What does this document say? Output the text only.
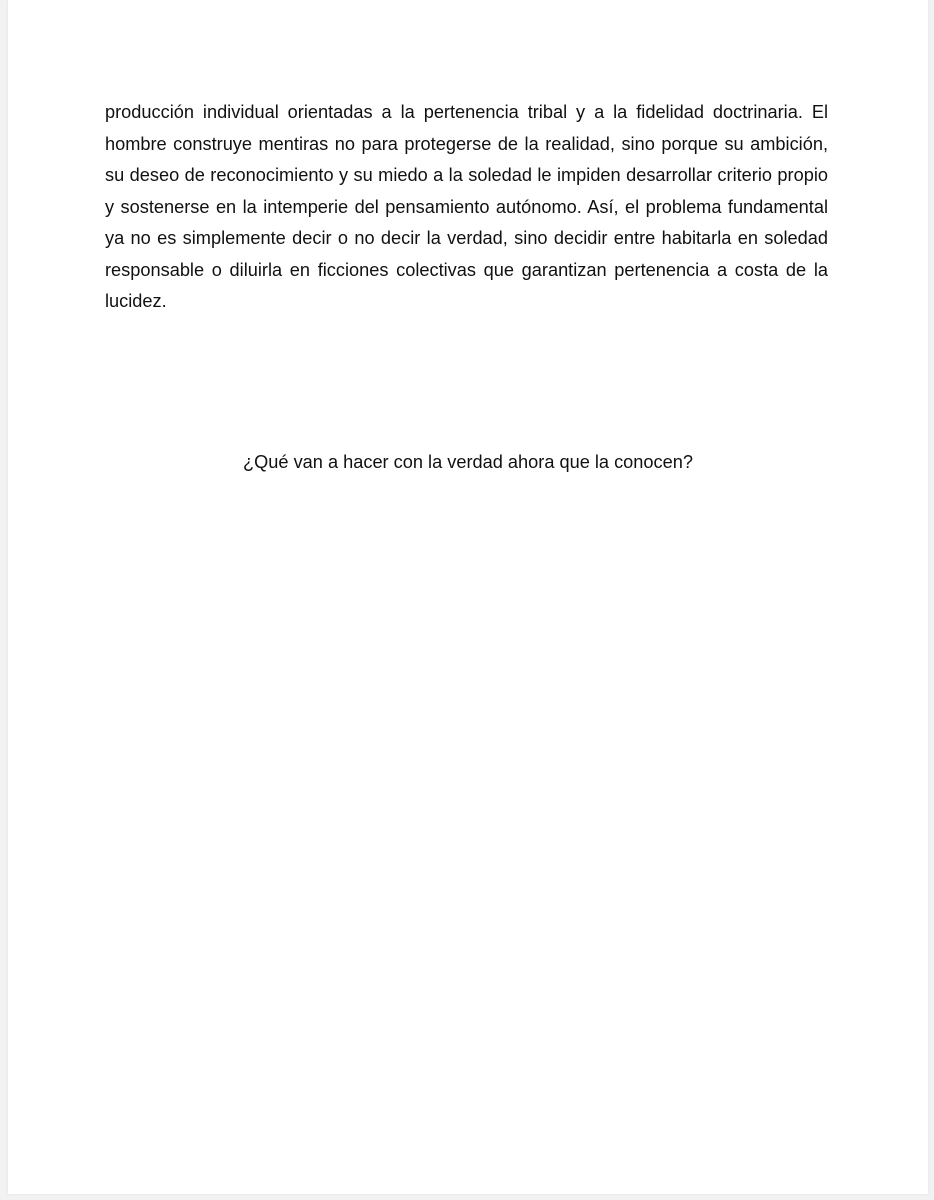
producción individual orientadas a la pertenencia tribal y a la fidelidad doctrinaria. El hombre construye mentiras no para protegerse de la realidad, sino porque su ambición, su deseo de reconocimiento y su miedo a la soledad le impiden desarrollar criterio propio y sostenerse en la intemperie del pensamiento autónomo. Así, el problema fundamental ya no es simplemente decir o no decir la verdad, sino decidir entre habitarla en soledad responsable o diluirla en ficciones colectivas que garantizan pertenencia a costa de la lucidez.

¿Qué van a hacer con la verdad ahora que la conocen?
